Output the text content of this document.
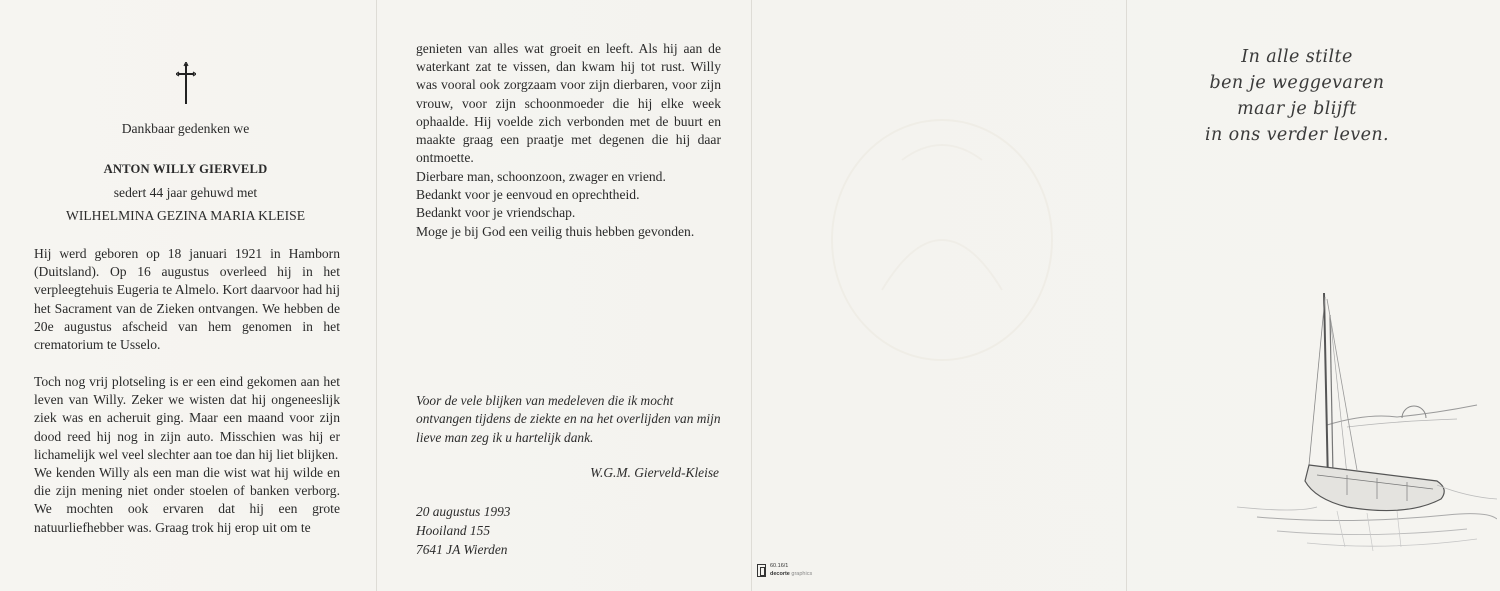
Dankbaar gedenken we
ANTON WILLY GIERVELD
sedert 44 jaar gehuwd met
WILHELMINA GEZINA MARIA KLEISE
Hij werd geboren op 18 januari 1921 in Hamborn (Duitsland). Op 16 augustus overleed hij in het verpleegtehuis Eugeria te Almelo. Kort daarvoor had hij het Sacrament van de Zieken ontvangen. We hebben de 20e augustus afscheid van hem genomen in het crematorium te Usselo.
Toch nog vrij plotseling is er een eind gekomen aan het leven van Willy. Zeker we wisten dat hij ongeneeslijk ziek was en acheruit ging. Maar een maand voor zijn dood reed hij nog in zijn auto. Misschien was hij er lichamelijk wel veel slechter aan toe dan hij liet blijken.
We kenden Willy als een man die wist wat hij wilde en die zijn mening niet onder stoelen of banken verborg. We mochten ook ervaren dat hij een grote natuurliefhebber was. Graag trok hij erop uit om te
genieten van alles wat groeit en leeft. Als hij aan de waterkant zat te vissen, dan kwam hij tot rust. Willy was vooral ook zorgzaam voor zijn dierbaren, voor zijn vrouw, voor zijn schoonmoeder die hij elke week ophaalde. Hij voelde zich verbonden met de buurt en maakte graag een praatje met degenen die hij daar ontmoette.
Dierbare man, schoonzoon, zwager en vriend.
Bedankt voor je eenvoud en oprechtheid.
Bedankt voor je vriendschap.
Moge je bij God een veilig thuis hebben gevonden.
Voor de vele blijken van medeleven die ik mocht ontvangen tijdens de ziekte en na het overlijden van mijn lieve man zeg ik u hartelijk dank.
W.G.M. Gierveld-Kleise
20 augustus 1993
Hooiland 155
7641 JA Wierden
60.16/1
decorte graphics
In alle stilte
ben je weggevaren
maar je blijft
in ons verder leven.
